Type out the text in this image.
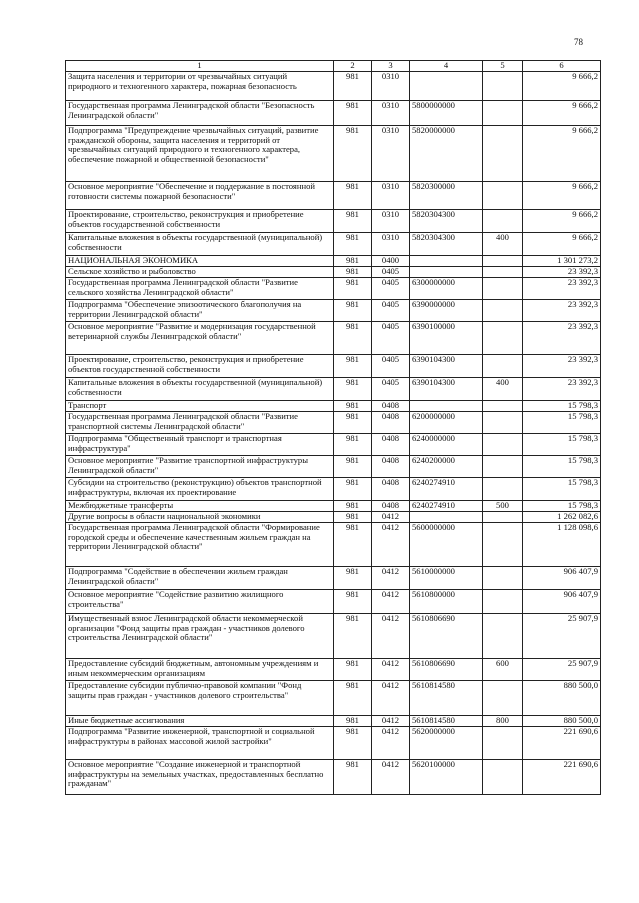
78
1	2	3	4	5	6
Защита населения и территории от чрезвычайных ситуаций природного и техногенного характера, пожарная безопасность	981	0310			9 666,2
Государственная программа Ленинградской области "Безопасность Ленинградской области"	981	0310	5800000000		9 666,2
Подпрограмма "Предупреждение чрезвычайных ситуаций, развитие гражданской обороны, защита населения и территорий от чрезвычайных ситуаций природного и техногенного характера, обеспечение пожарной и общественной безопасности"	981	0310	5820000000		9 666,2
Основное мероприятие "Обеспечение и поддержание в постоянной готовности системы пожарной безопасности"	981	0310	5820300000		9 666,2
Проектирование, строительство, реконструкция и приобретение объектов государственной собственности	981	0310	5820304300		9 666,2
Капитальные вложения в объекты государственной (муниципальной) собственности	981	0310	5820304300	400	9 666,2
НАЦИОНАЛЬНАЯ ЭКОНОМИКА	981	0400			1 301 273,2
Сельское хозяйство и рыболовство	981	0405			23 392,3
Государственная программа Ленинградской области "Развитие сельского хозяйства Ленинградской области"	981	0405	6300000000		23 392,3
Подпрограмма "Обеспечение эпизоотического благополучия на территории Ленинградской области"	981	0405	6390000000		23 392,3
Основное мероприятие "Развитие и модернизация государственной ветеринарной службы Ленинградской области"	981	0405	6390100000		23 392,3
Проектирование, строительство, реконструкция и приобретение объектов государственной собственности	981	0405	6390104300		23 392,3
Капитальные вложения в объекты государственной (муниципальной) собственности	981	0405	6390104300	400	23 392,3
Транспорт	981	0408			15 798,3
Государственная программа Ленинградской области "Развитие транспортной системы Ленинградской области"	981	0408	6200000000		15 798,3
Подпрограмма "Общественный транспорт и транспортная инфраструктура"	981	0408	6240000000		15 798,3
Основное мероприятие "Развитие транспортной инфраструктуры Ленинградской области"	981	0408	6240200000		15 798,3
Субсидии на строительство (реконструкцию) объектов транспортной инфраструктуры, включая их проектирование	981	0408	6240274910		15 798,3
Межбюджетные трансферты	981	0408	6240274910	500	15 798,3
Другие вопросы в области национальной экономики	981	0412			1 262 082,6
Государственная программа Ленинградской области "Формирование городской среды и обеспечение качественным жильем граждан на территории Ленинградской области"	981	0412	5600000000		1 128 098,6
Подпрограмма "Содействие в обеспечении жильем граждан Ленинградской области"	981	0412	5610000000		906 407,9
Основное мероприятие "Содействие развитию жилищного строительства"	981	0412	5610800000		906 407,9
Имущественный взнос Ленинградской области некоммерческой организации "Фонд защиты прав граждан - участников долевого строительства Ленинградской области"	981	0412	5610806690		25 907,9
Предоставление субсидий бюджетным, автономным учреждениям и иным некоммерческим организациям	981	0412	5610806690	600	25 907,9
Предоставление субсидии публично-правовой компании "Фонд защиты прав граждан - участников долевого строительства"	981	0412	5610814580		880 500,0
Иные бюджетные ассигнования	981	0412	5610814580	800	880 500,0
Подпрограмма "Развитие инженерной, транспортной и социальной инфраструктуры в районах массовой жилой застройки"	981	0412	5620000000		221 690,6
Основное мероприятие "Создание инженерной и транспортной инфраструктуры на земельных участках, предоставленных бесплатно гражданам"	981	0412	5620100000		221 690,6
